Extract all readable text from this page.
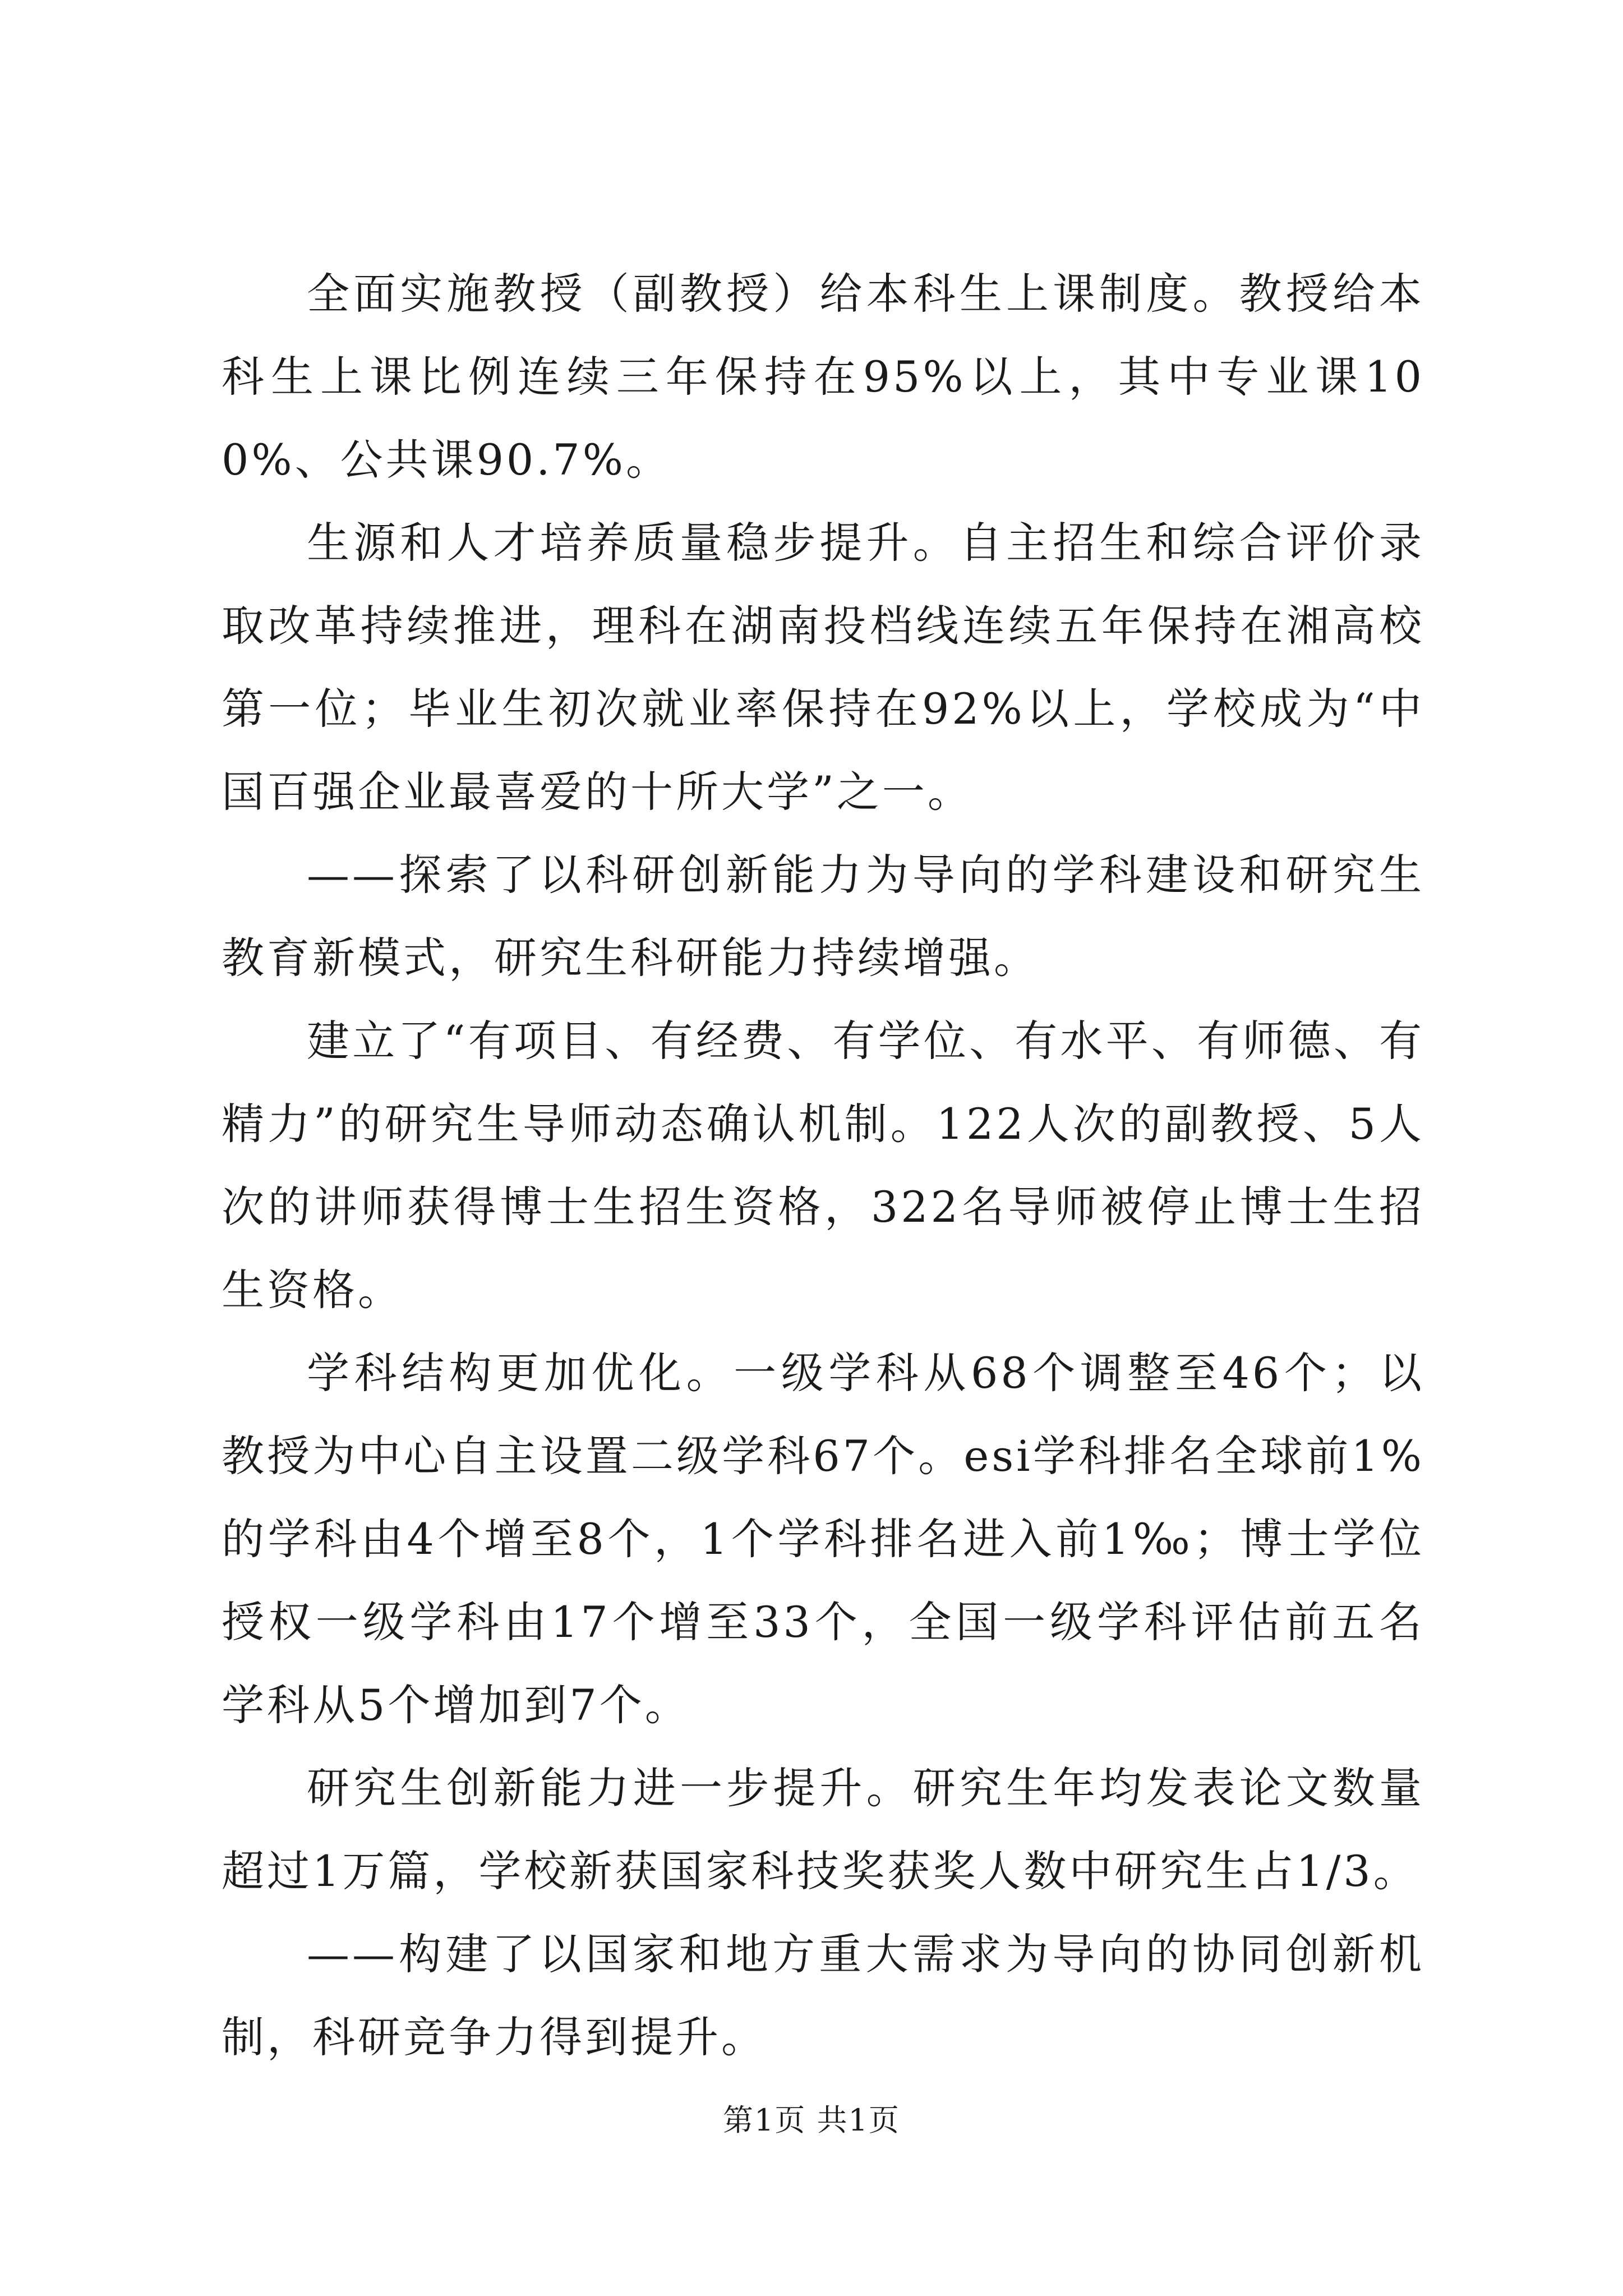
全面实施教授（副教授）给本科生上课制度。教授给本科生上课比例连续三年保持在95%以上，其中专业课100%、公共课90.7%。

生源和人才培养质量稳步提升。自主招生和综合评价录取改革持续推进，理科在湖南投档线连续五年保持在湘高校第一位；毕业生初次就业率保持在92%以上，学校成为“中国百强企业最喜爱的十所大学”之一。

——探索了以科研创新能力为导向的学科建设和研究生教育新模式，研究生科研能力持续增强。

建立了“有项目、有经费、有学位、有水平、有师德、有精力”的研究生导师动态确认机制。122人次的副教授、5人次的讲师获得博士生招生资格，322名导师被停止博士生招生资格。

学科结构更加优化。一级学科从68个调整至46个；以教授为中心自主设置二级学科67个。esi学科排名全球前1%的学科由4个增至8个，1个学科排名进入前1‰；博士学位授权一级学科由17个增至33个，全国一级学科评估前五名学科从5个增加到7个。

研究生创新能力进一步提升。研究生年均发表论文数量超过1万篇，学校新获国家科技奖获奖人数中研究生占1/3。

——构建了以国家和地方重大需求为导向的协同创新机制，科研竞争力得到提升。

第1页 共1页
